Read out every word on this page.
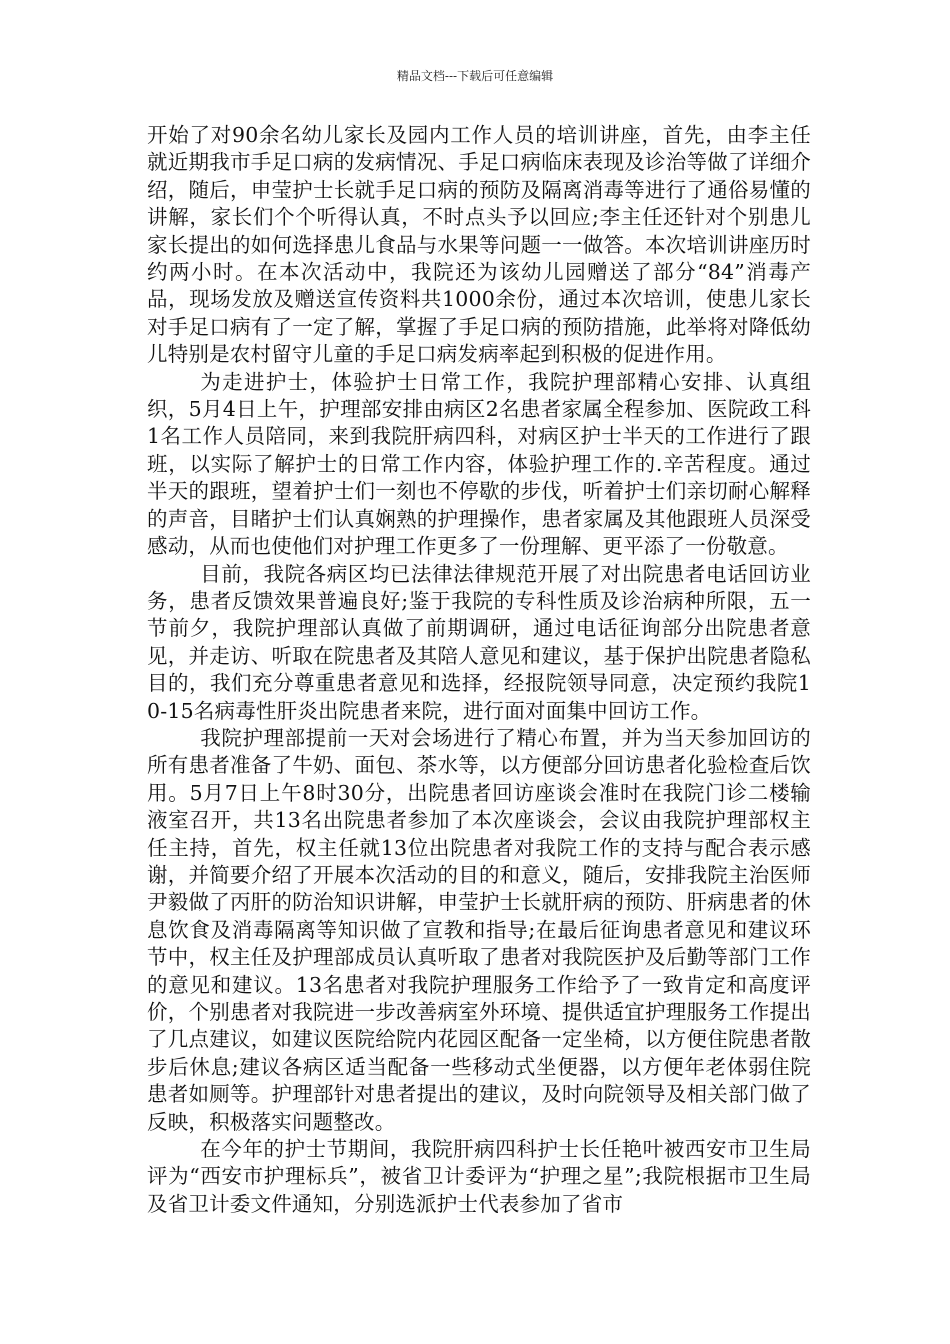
精品文档---下载后可任意编辑

开始了对90余名幼儿家长及园内工作人员的培训讲座，首先，由李主任就近期我市手足口病的发病情况、手足口病临床表现及诊治等做了详细介绍，随后，申莹护士长就手足口病的预防及隔离消毒等进行了通俗易懂的讲解，家长们个个听得认真，不时点头予以回应;李主任还针对个别患儿家长提出的如何选择患儿食品与水果等问题一一做答。本次培训讲座历时约两小时。在本次活动中，我院还为该幼儿园赠送了部分“84”消毒产品，现场发放及赠送宣传资料共1000余份，通过本次培训，使患儿家长对手足口病有了一定了解，掌握了手足口病的预防措施，此举将对降低幼儿特别是农村留守儿童的手足口病发病率起到积极的促进作用。

为走进护士，体验护士日常工作，我院护理部精心安排、认真组织，5月4日上午，护理部安排由病区2名患者家属全程参加、医院政工科1名工作人员陪同，来到我院肝病四科，对病区护士半天的工作进行了跟班，以实际了解护士的日常工作内容，体验护理工作的.辛苦程度。通过半天的跟班，望着护士们一刻也不停歇的步伐，听着护士们亲切耐心解释的声音，目睹护士们认真娴熟的护理操作，患者家属及其他跟班人员深受感动，从而也使他们对护理工作更多了一份理解、更平添了一份敬意。

目前，我院各病区均已法律法律规范开展了对出院患者电话回访业务，患者反馈效果普遍良好;鉴于我院的专科性质及诊治病种所限，五一节前夕，我院护理部认真做了前期调研，通过电话征询部分出院患者意见，并走访、听取在院患者及其陪人意见和建议，基于保护出院患者隐私目的，我们充分尊重患者意见和选择，经报院领导同意，决定预约我院10-15名病毒性肝炎出院患者来院，进行面对面集中回访工作。

我院护理部提前一天对会场进行了精心布置，并为当天参加回访的所有患者准备了牛奶、面包、茶水等，以方便部分回访患者化验检查后饮用。5月7日上午8时30分，出院患者回访座谈会准时在我院门诊二楼输液室召开，共13名出院患者参加了本次座谈会，会议由我院护理部权主任主持，首先，权主任就13位出院患者对我院工作的支持与配合表示感谢，并简要介绍了开展本次活动的目的和意义，随后，安排我院主治医师尹毅做了丙肝的防治知识讲解，申莹护士长就肝病的预防、肝病患者的休息饮食及消毒隔离等知识做了宣教和指导;在最后征询患者意见和建议环节中，权主任及护理部成员认真听取了患者对我院医护及后勤等部门工作的意见和建议。13名患者对我院护理服务工作给予了一致肯定和高度评价，个别患者对我院进一步改善病室外环境、提供适宜护理服务工作提出了几点建议，如建议医院给院内花园区配备一定坐椅，以方便住院患者散步后休息;建议各病区适当配备一些移动式坐便器，以方便年老体弱住院患者如厕等。护理部针对患者提出的建议，及时向院领导及相关部门做了反映，积极落实问题整改。

在今年的护士节期间，我院肝病四科护士长任艳叶被西安市卫生局评为“西安市护理标兵”，被省卫计委评为“护理之星”;我院根据市卫生局及省卫计委文件通知，分别选派护士代表参加了省市
